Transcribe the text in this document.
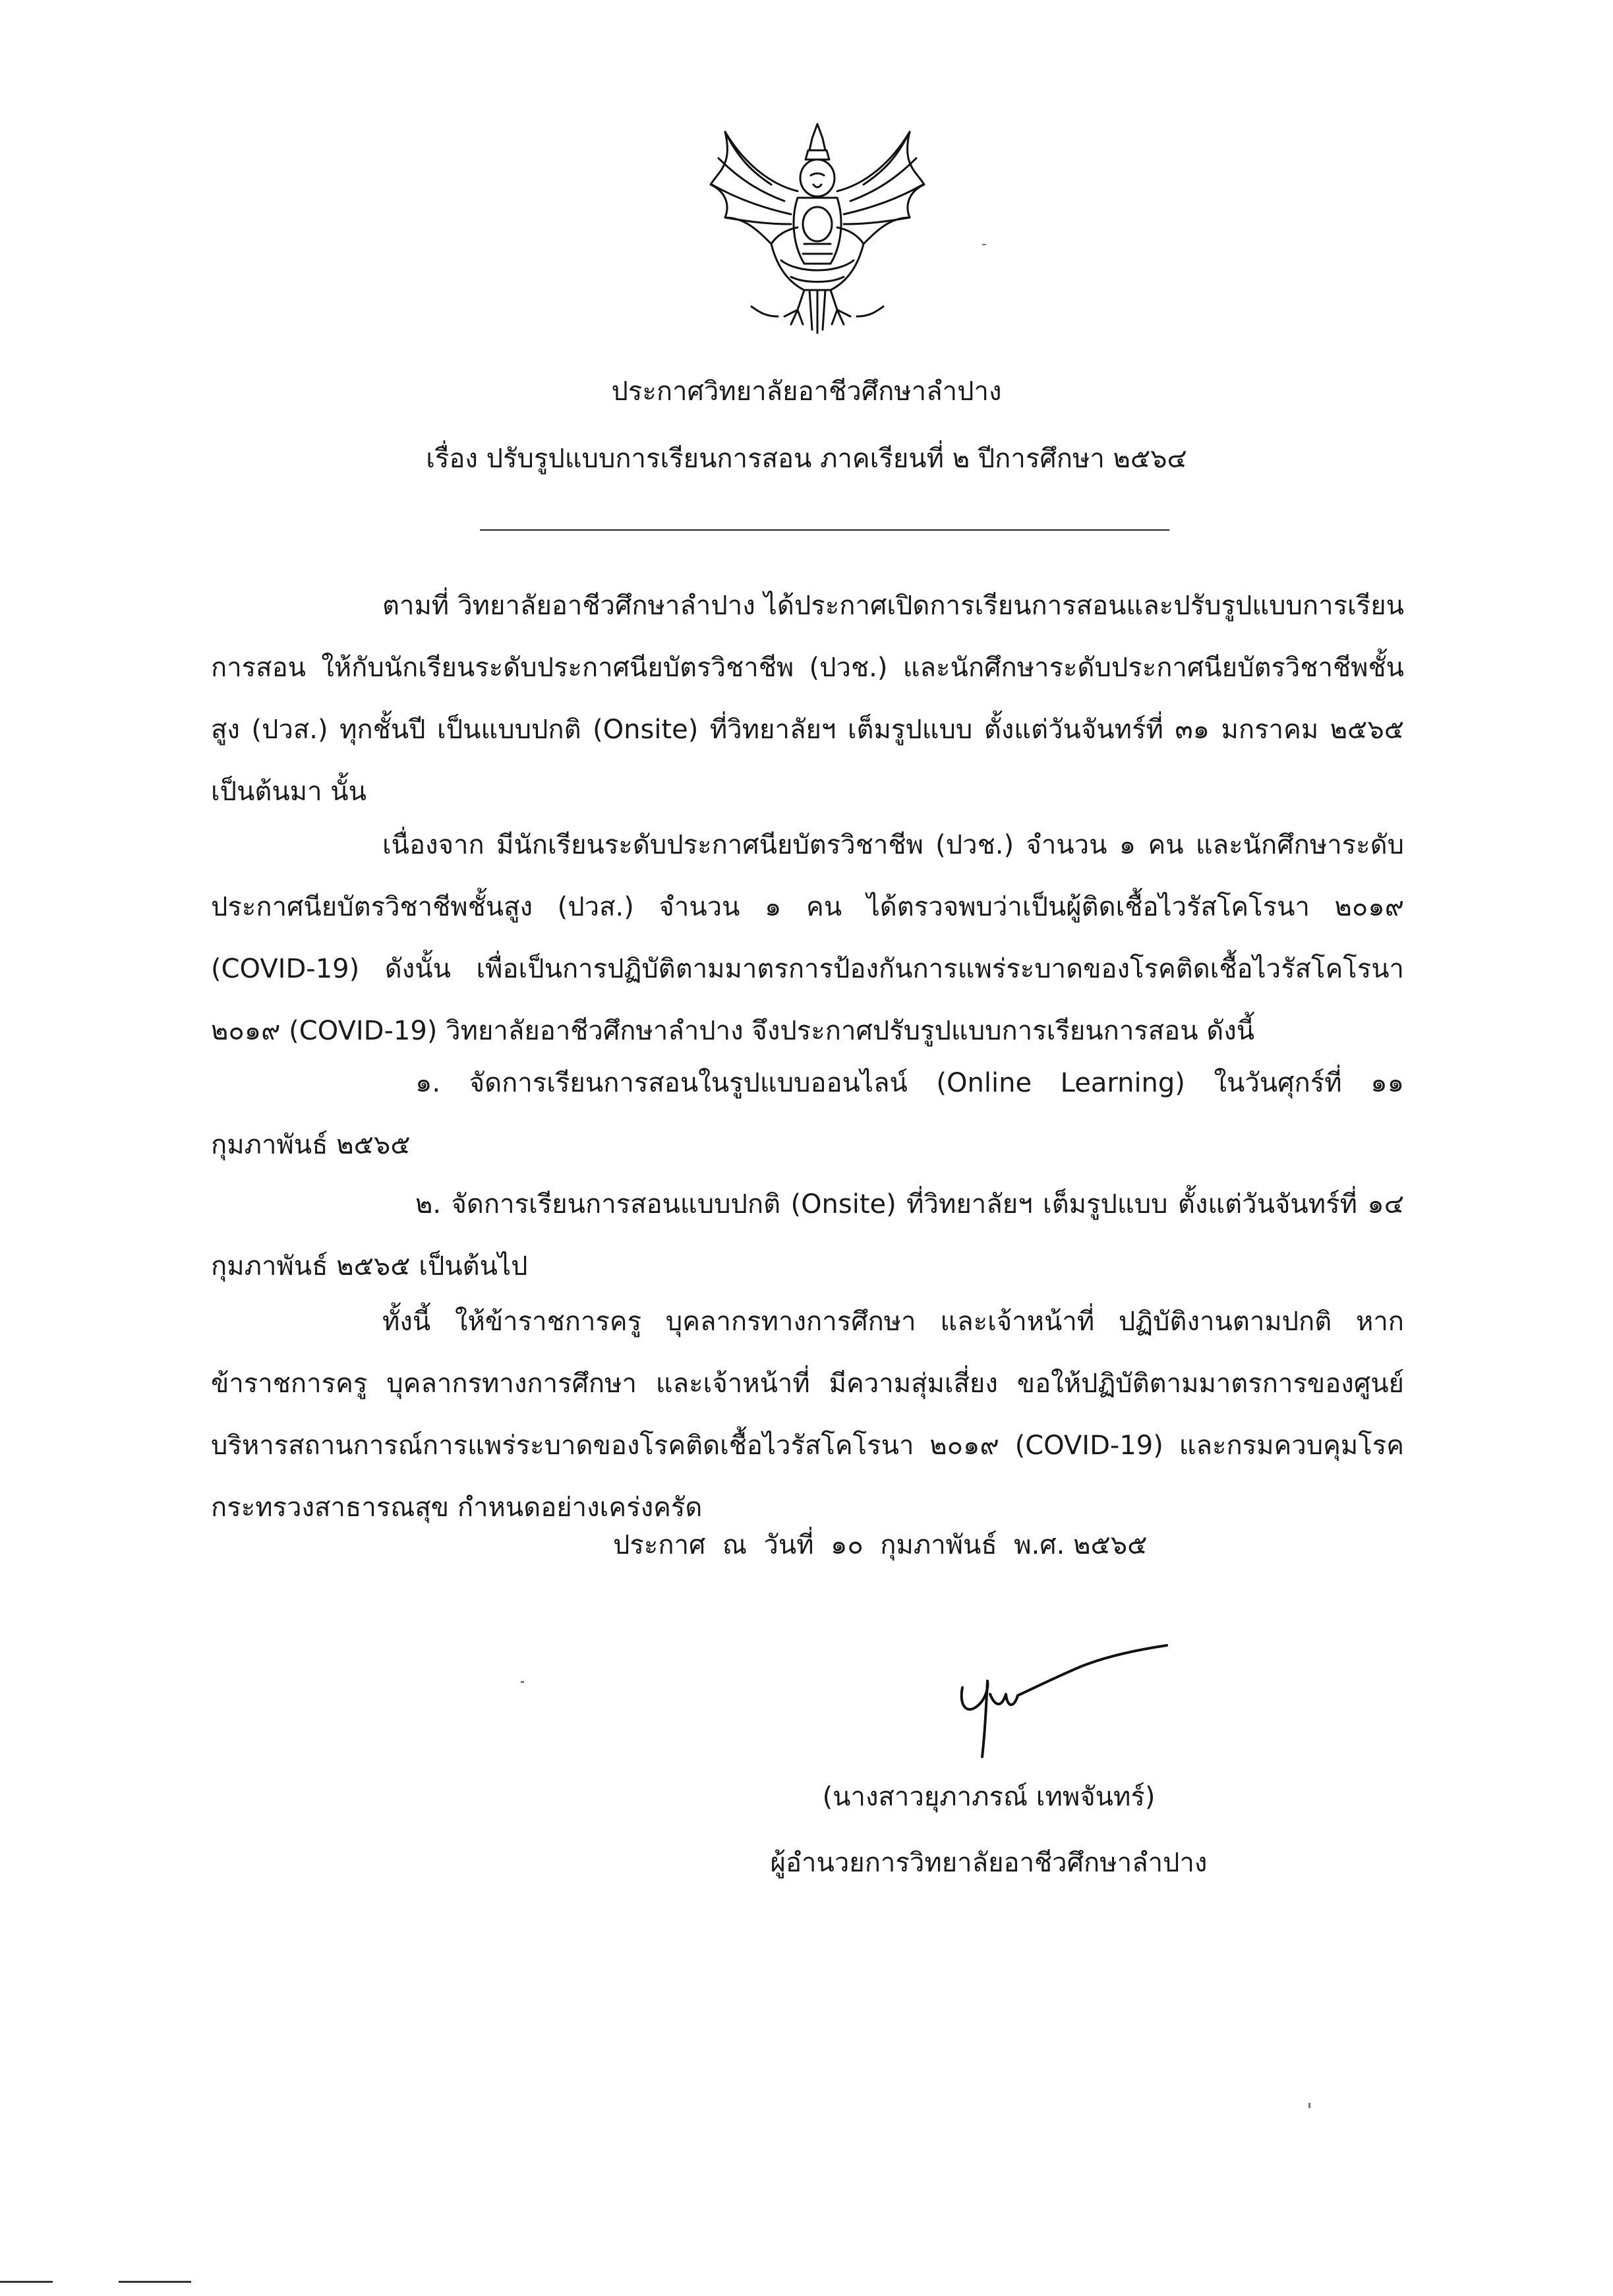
ประกาศวิทยาลัยอาชีวศึกษาลำปาง
เรื่อง ปรับรูปแบบการเรียนการสอน ภาคเรียนที่ ๒ ปีการศึกษา ๒๕๖๔

ตามที่ วิทยาลัยอาชีวศึกษาลำปาง ได้ประกาศเปิดการเรียนการสอนและปรับรูปแบบการเรียนการสอน ให้กับนักเรียนระดับประกาศนียบัตรวิชาชีพ (ปวช.) และนักศึกษาระดับประกาศนียบัตรวิชาชีพชั้นสูง (ปวส.) ทุกชั้นปี เป็นแบบปกติ (Onsite) ที่วิทยาลัยฯ เต็มรูปแบบ ตั้งแต่วันจันทร์ที่ ๓๑ มกราคม ๒๕๖๕ เป็นต้นมา นั้น

เนื่องจาก มีนักเรียนระดับประกาศนียบัตรวิชาชีพ (ปวช.) จำนวน ๑ คน และนักศึกษาระดับประกาศนียบัตรวิชาชีพชั้นสูง (ปวส.) จำนวน ๑ คน ได้ตรวจพบว่าเป็นผู้ติดเชื้อไวรัสโคโรนา ๒๐๑๙ (COVID-19) ดังนั้น เพื่อเป็นการปฏิบัติตามมาตรการป้องกันการแพร่ระบาดของโรคติดเชื้อไวรัสโคโรนา ๒๐๑๙ (COVID-19) วิทยาลัยอาชีวศึกษาลำปาง จึงประกาศปรับรูปแบบการเรียนการสอน ดังนี้

๑. จัดการเรียนการสอนในรูปแบบออนไลน์ (Online Learning) ในวันศุกร์ที่ ๑๑ กุมภาพันธ์ ๒๕๖๕

๒. จัดการเรียนการสอนแบบปกติ (Onsite) ที่วิทยาลัยฯ เต็มรูปแบบ ตั้งแต่วันจันทร์ที่ ๑๔ กุมภาพันธ์ ๒๕๖๕ เป็นต้นไป

ทั้งนี้ ให้ข้าราชการครู บุคลากรทางการศึกษา และเจ้าหน้าที่ ปฏิบัติงานตามปกติ หากข้าราชการครู บุคลากรทางการศึกษา และเจ้าหน้าที่ มีความสุ่มเสี่ยง ขอให้ปฏิบัติตามมาตรการของศูนย์บริหารสถานการณ์การแพร่ระบาดของโรคติดเชื้อไวรัสโคโรนา ๒๐๑๙ (COVID-19) และกรมควบคุมโรค กระทรวงสาธารณสุข กำหนดอย่างเคร่งครัด

ประกาศ  ณ  วันที่  ๑๐  กุมภาพันธ์  พ.ศ. ๒๕๖๕
(นางสาวยุภาภรณ์ เทพจันทร์)
ผู้อำนวยการวิทยาลัยอาชีวศึกษาลำปาง
